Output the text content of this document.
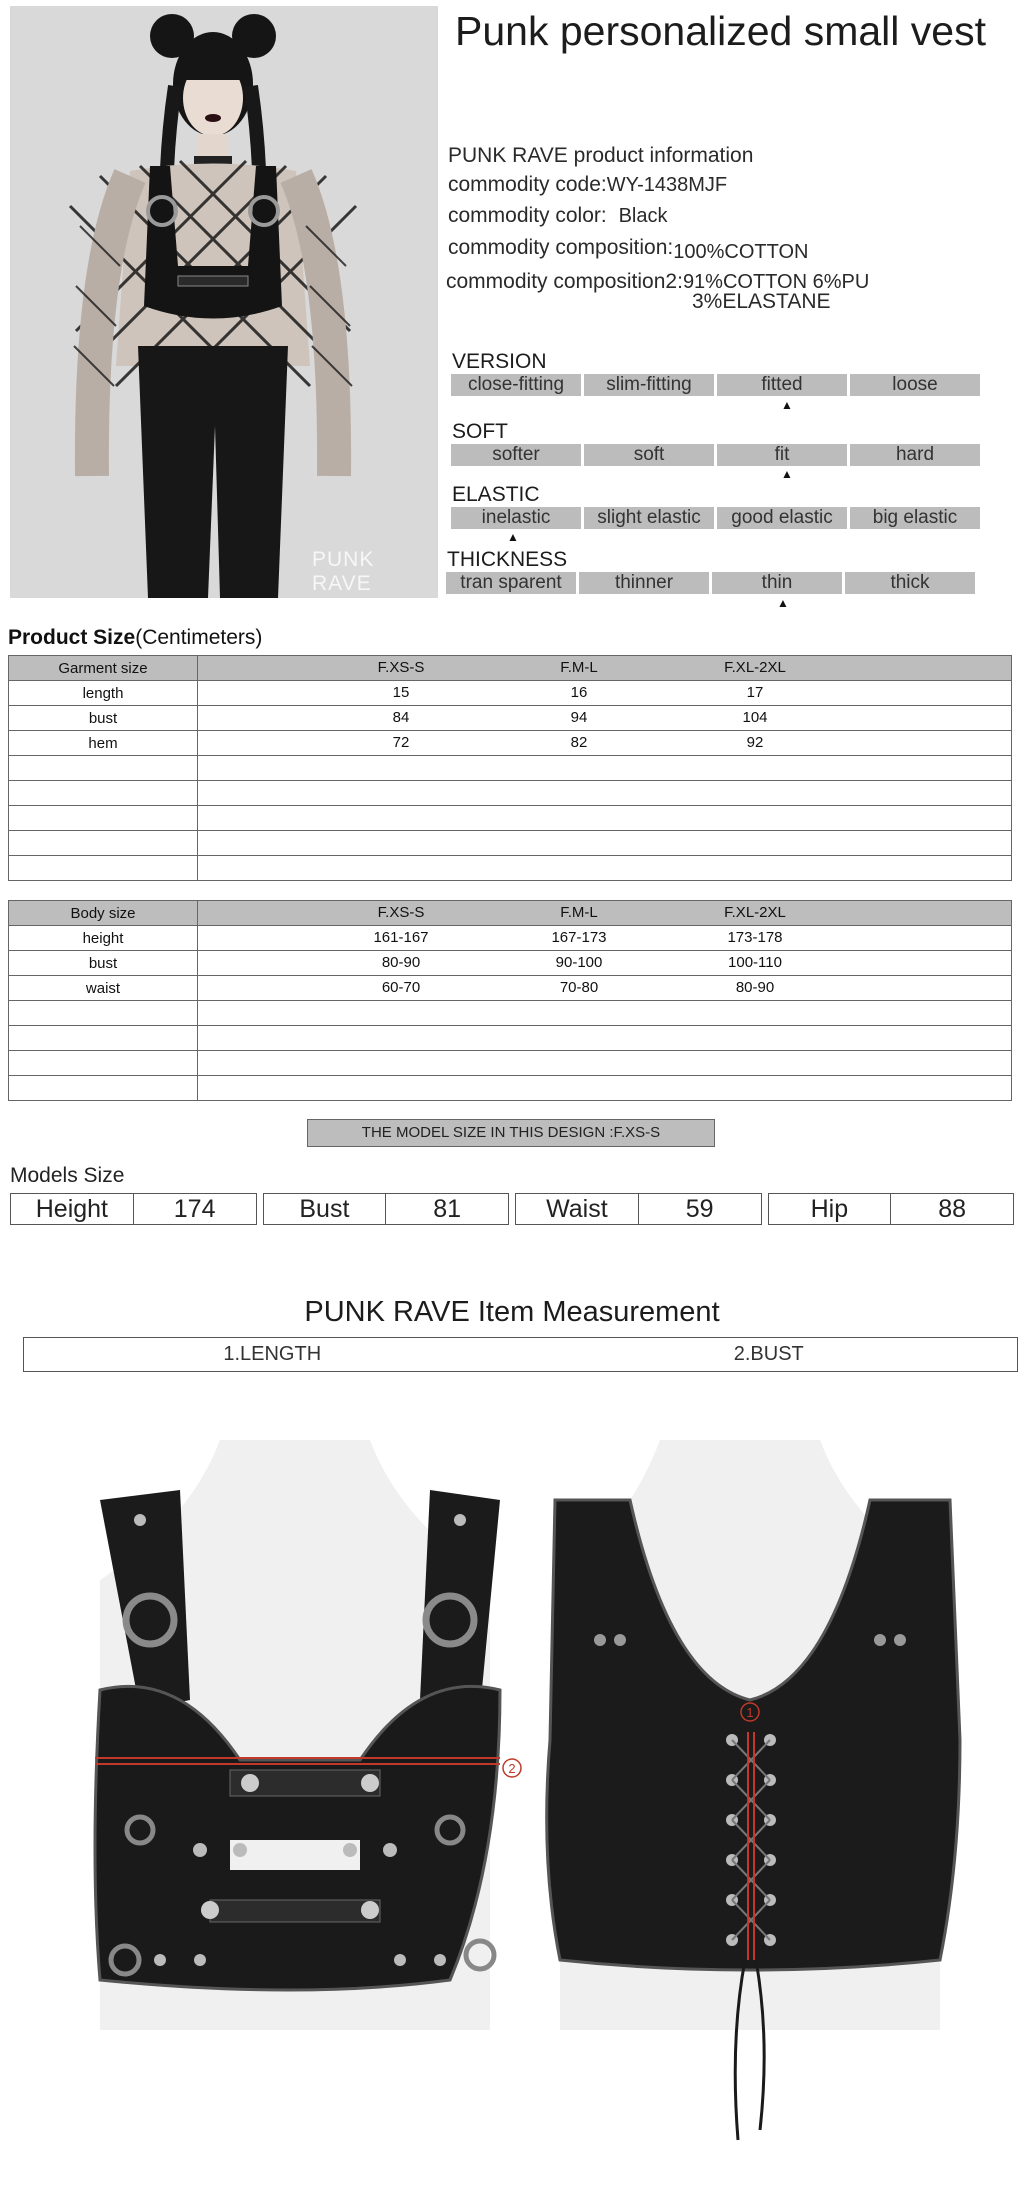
PUNK RAVE
Punk personalized small vest
PUNK RAVE product information
commodity code:WY-1438MJF
commodity color: Black
commodity composition:100%COTTON
commodity composition2:91%COTTON 6%PU
3%ELASTANE
VERSION
close-fitting	slim-fitting	fitted	loose
▲
SOFT
softer	soft	fit	hard
▲
ELASTIC
inelastic	slight elastic	good elastic	big elastic
▲
THICKNESS
tran sparent	thinner	thin	thick
▲
Product Size(Centimeters)
Garment size	F.XS-S F.M-L F.XL-2XL

length	15 16 17

bust	84 94 104

hem	72 82 92

Body size	F.XS-S F.M-L F.XL-2XL

height	161-167 167-173 173-178

bust	80-90 90-100 100-110

waist	60-70 70-80 80-90

THE MODEL SIZE IN THIS DESIGN :F.XS-S
Models Size
Height	174	Bust	81	Waist	59	Hip	88
PUNK RAVE Item Measurement
1.LENGTH	2.BUST
2
1
